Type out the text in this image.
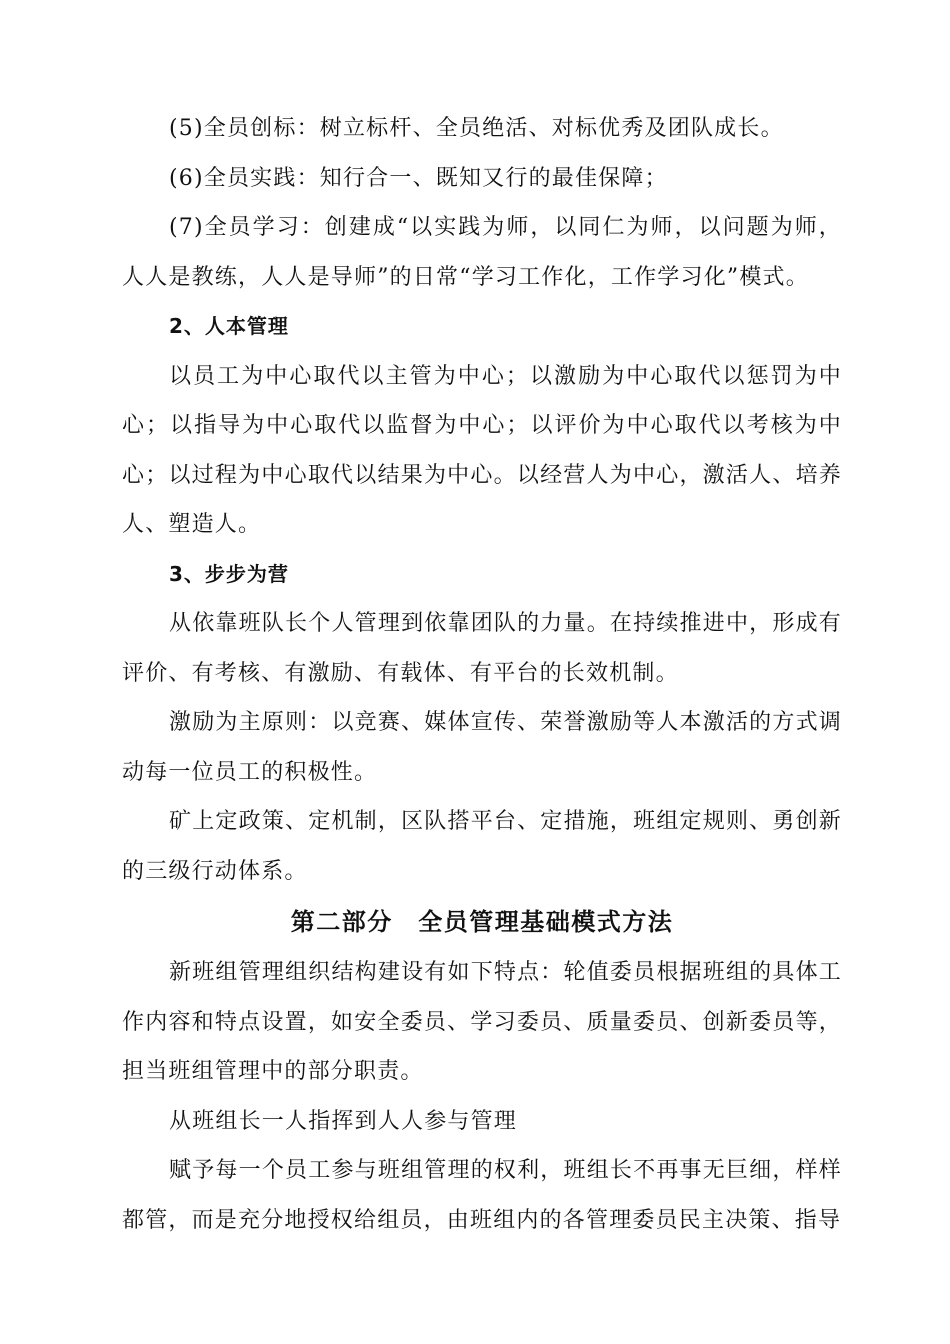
(5)全员创标：树立标杆、全员绝活、对标优秀及团队成长。

(6)全员实践：知行合一、既知又行的最佳保障；

(7)全员学习：创建成“以实践为师，以同仁为师，以问题为师，人人是教练，人人是导师”的日常“学习工作化，工作学习化”模式。

2、人本管理

以员工为中心取代以主管为中心；以激励为中心取代以惩罚为中心；以指导为中心取代以监督为中心；以评价为中心取代以考核为中心；以过程为中心取代以结果为中心。以经营人为中心，激活人、培养人、塑造人。

3、步步为营

从依靠班队长个人管理到依靠团队的力量。在持续推进中，形成有评价、有考核、有激励、有载体、有平台的长效机制。

激励为主原则：以竞赛、媒体宣传、荣誉激励等人本激活的方式调动每一位员工的积极性。

矿上定政策、定机制，区队搭平台、定措施，班组定规则、勇创新的三级行动体系。

第二部分　全员管理基础模式方法

新班组管理组织结构建设有如下特点：轮值委员根据班组的具体工作内容和特点设置，如安全委员、学习委员、质量委员、创新委员等，担当班组管理中的部分职责。

从班组长一人指挥到人人参与管理

赋予每一个员工参与班组管理的权利，班组长不再事无巨细，样样都管，而是充分地授权给组员，由班组内的各管理委员民主决策、指导
